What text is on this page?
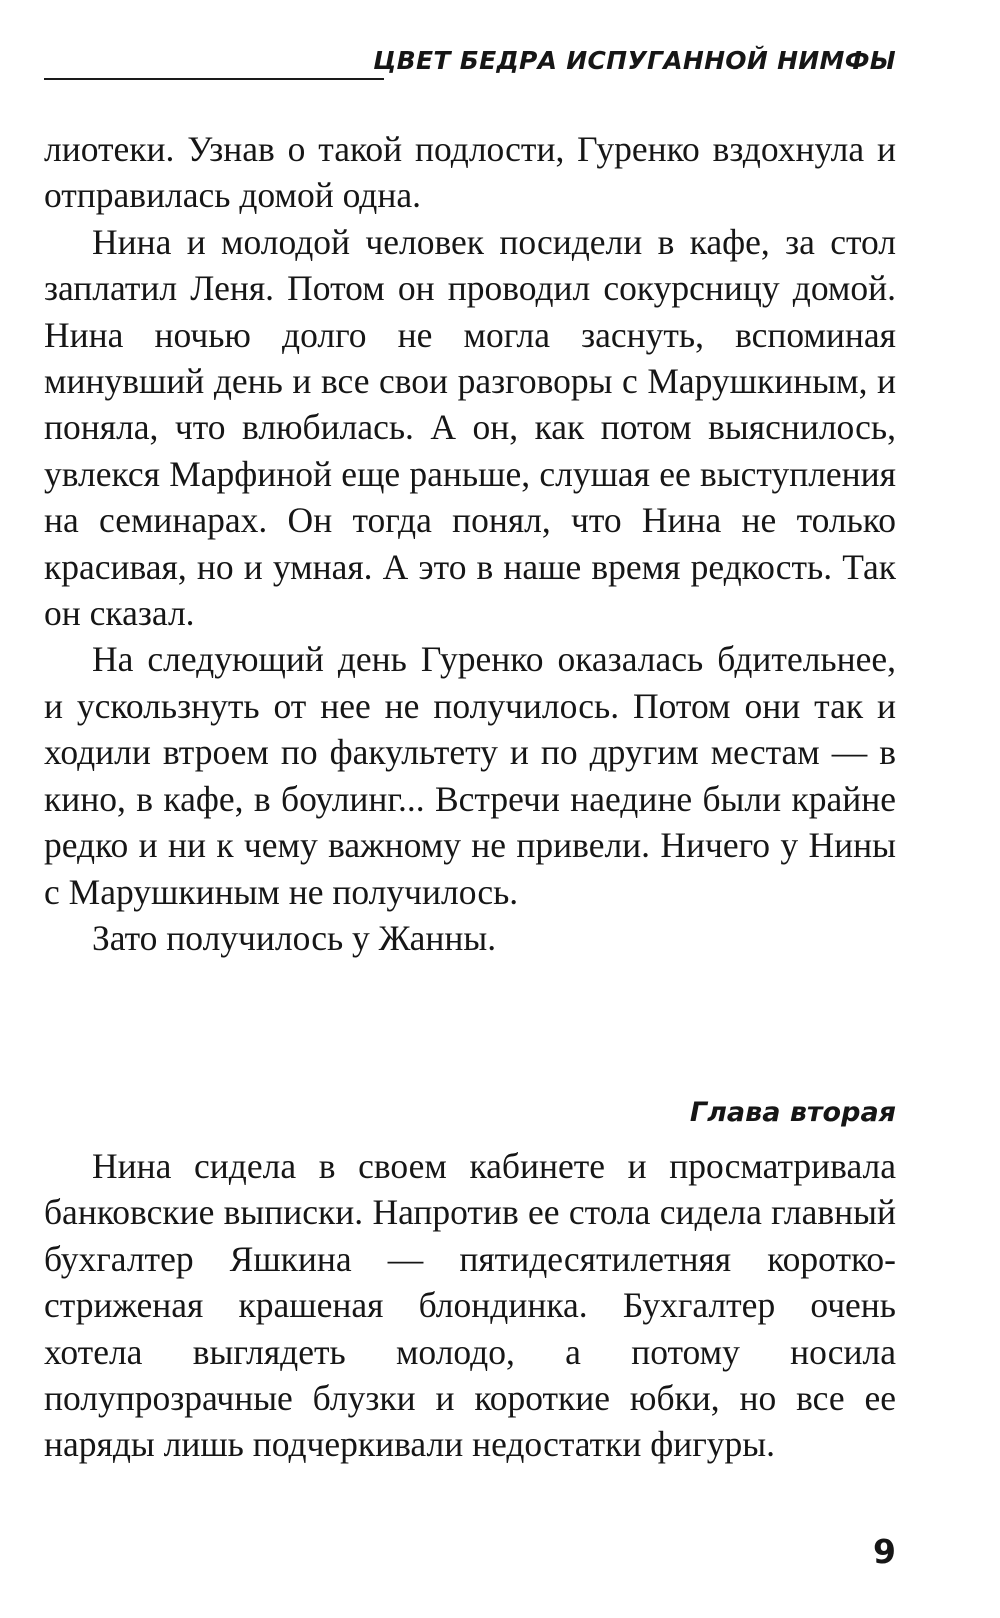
ЦВЕТ БЕДРА ИСПУГАННОЙ НИМФЫ

лиотеки. Узнав о такой подлости, Гуренко вздохнула и отправилась домой одна.

Нина и молодой человек посидели в кафе, за стол заплатил Леня. Потом он проводил сокурсницу домой. Нина ночью долго не могла заснуть, вспоминая минувший день и все свои разговоры с Марушкиным, и поняла, что влюбилась. А он, как потом выяснилось, увлекся Марфиной еще раньше, слушая ее выступления на семинарах. Он тогда понял, что Нина не только красивая, но и умная. А это в наше время редкость. Так он сказал.

На следующий день Гуренко оказалась бдительнее, и ускользнуть от нее не получилось. Потом они так и ходили втроем по факультету и по другим местам — в кино, в кафе, в боулинг... Встречи наедине были крайне редко и ни к чему важному не привели. Ничего у Нины с Марушкиным не получилось.

Зато получилось у Жанны.

Глава вторая

Нина сидела в своем кабинете и просматривала банковские выписки. Напротив ее стола сидела главный бухгалтер Яшкина — пятидесятилетняя короткостриженая крашеная блондинка. Бухгалтер очень хотела выглядеть молодо, а потому носила полупрозрачные блузки и короткие юбки, но все ее наряды лишь подчеркивали недостатки фигуры.

9
